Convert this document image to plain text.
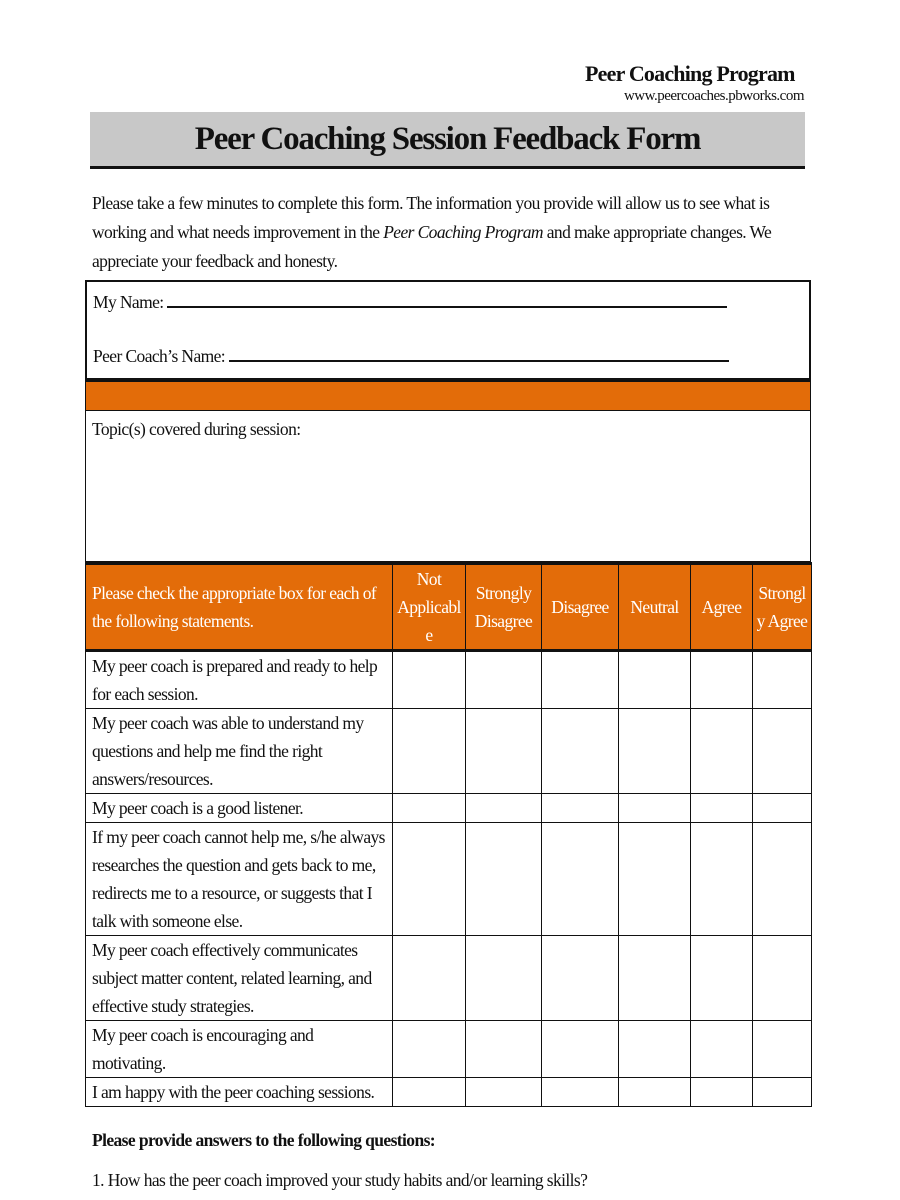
Peer Coaching Program
www.peercoaches.pbworks.com
Peer Coaching Session Feedback Form
Please take a few minutes to complete this form. The information you provide will allow us to see what is working and what needs improvement in the Peer Coaching Program and make appropriate changes. We appreciate your feedback and honesty.
My Name:
Peer Coach’s Name:
Topic(s) covered during session:
Please check the appropriate box for each of the following statements.	Not Applicable	Strongly Disagree	Disagree	Neutral	Agree	Strongly Agree
My peer coach is prepared and ready to help for each session.						
My peer coach was able to understand my questions and help me find the right answers/resources.						
My peer coach is a good listener.						
If my peer coach cannot help me, s/he always researches the question and gets back to me, redirects me to a resource, or suggests that I talk with someone else.						
My peer coach effectively communicates subject matter content, related learning, and effective study strategies.						
My peer coach is encouraging and motivating.						
I am happy with the peer coaching sessions.						
Please provide answers to the following questions:
1. How has the peer coach improved your study habits and/or learning skills?
